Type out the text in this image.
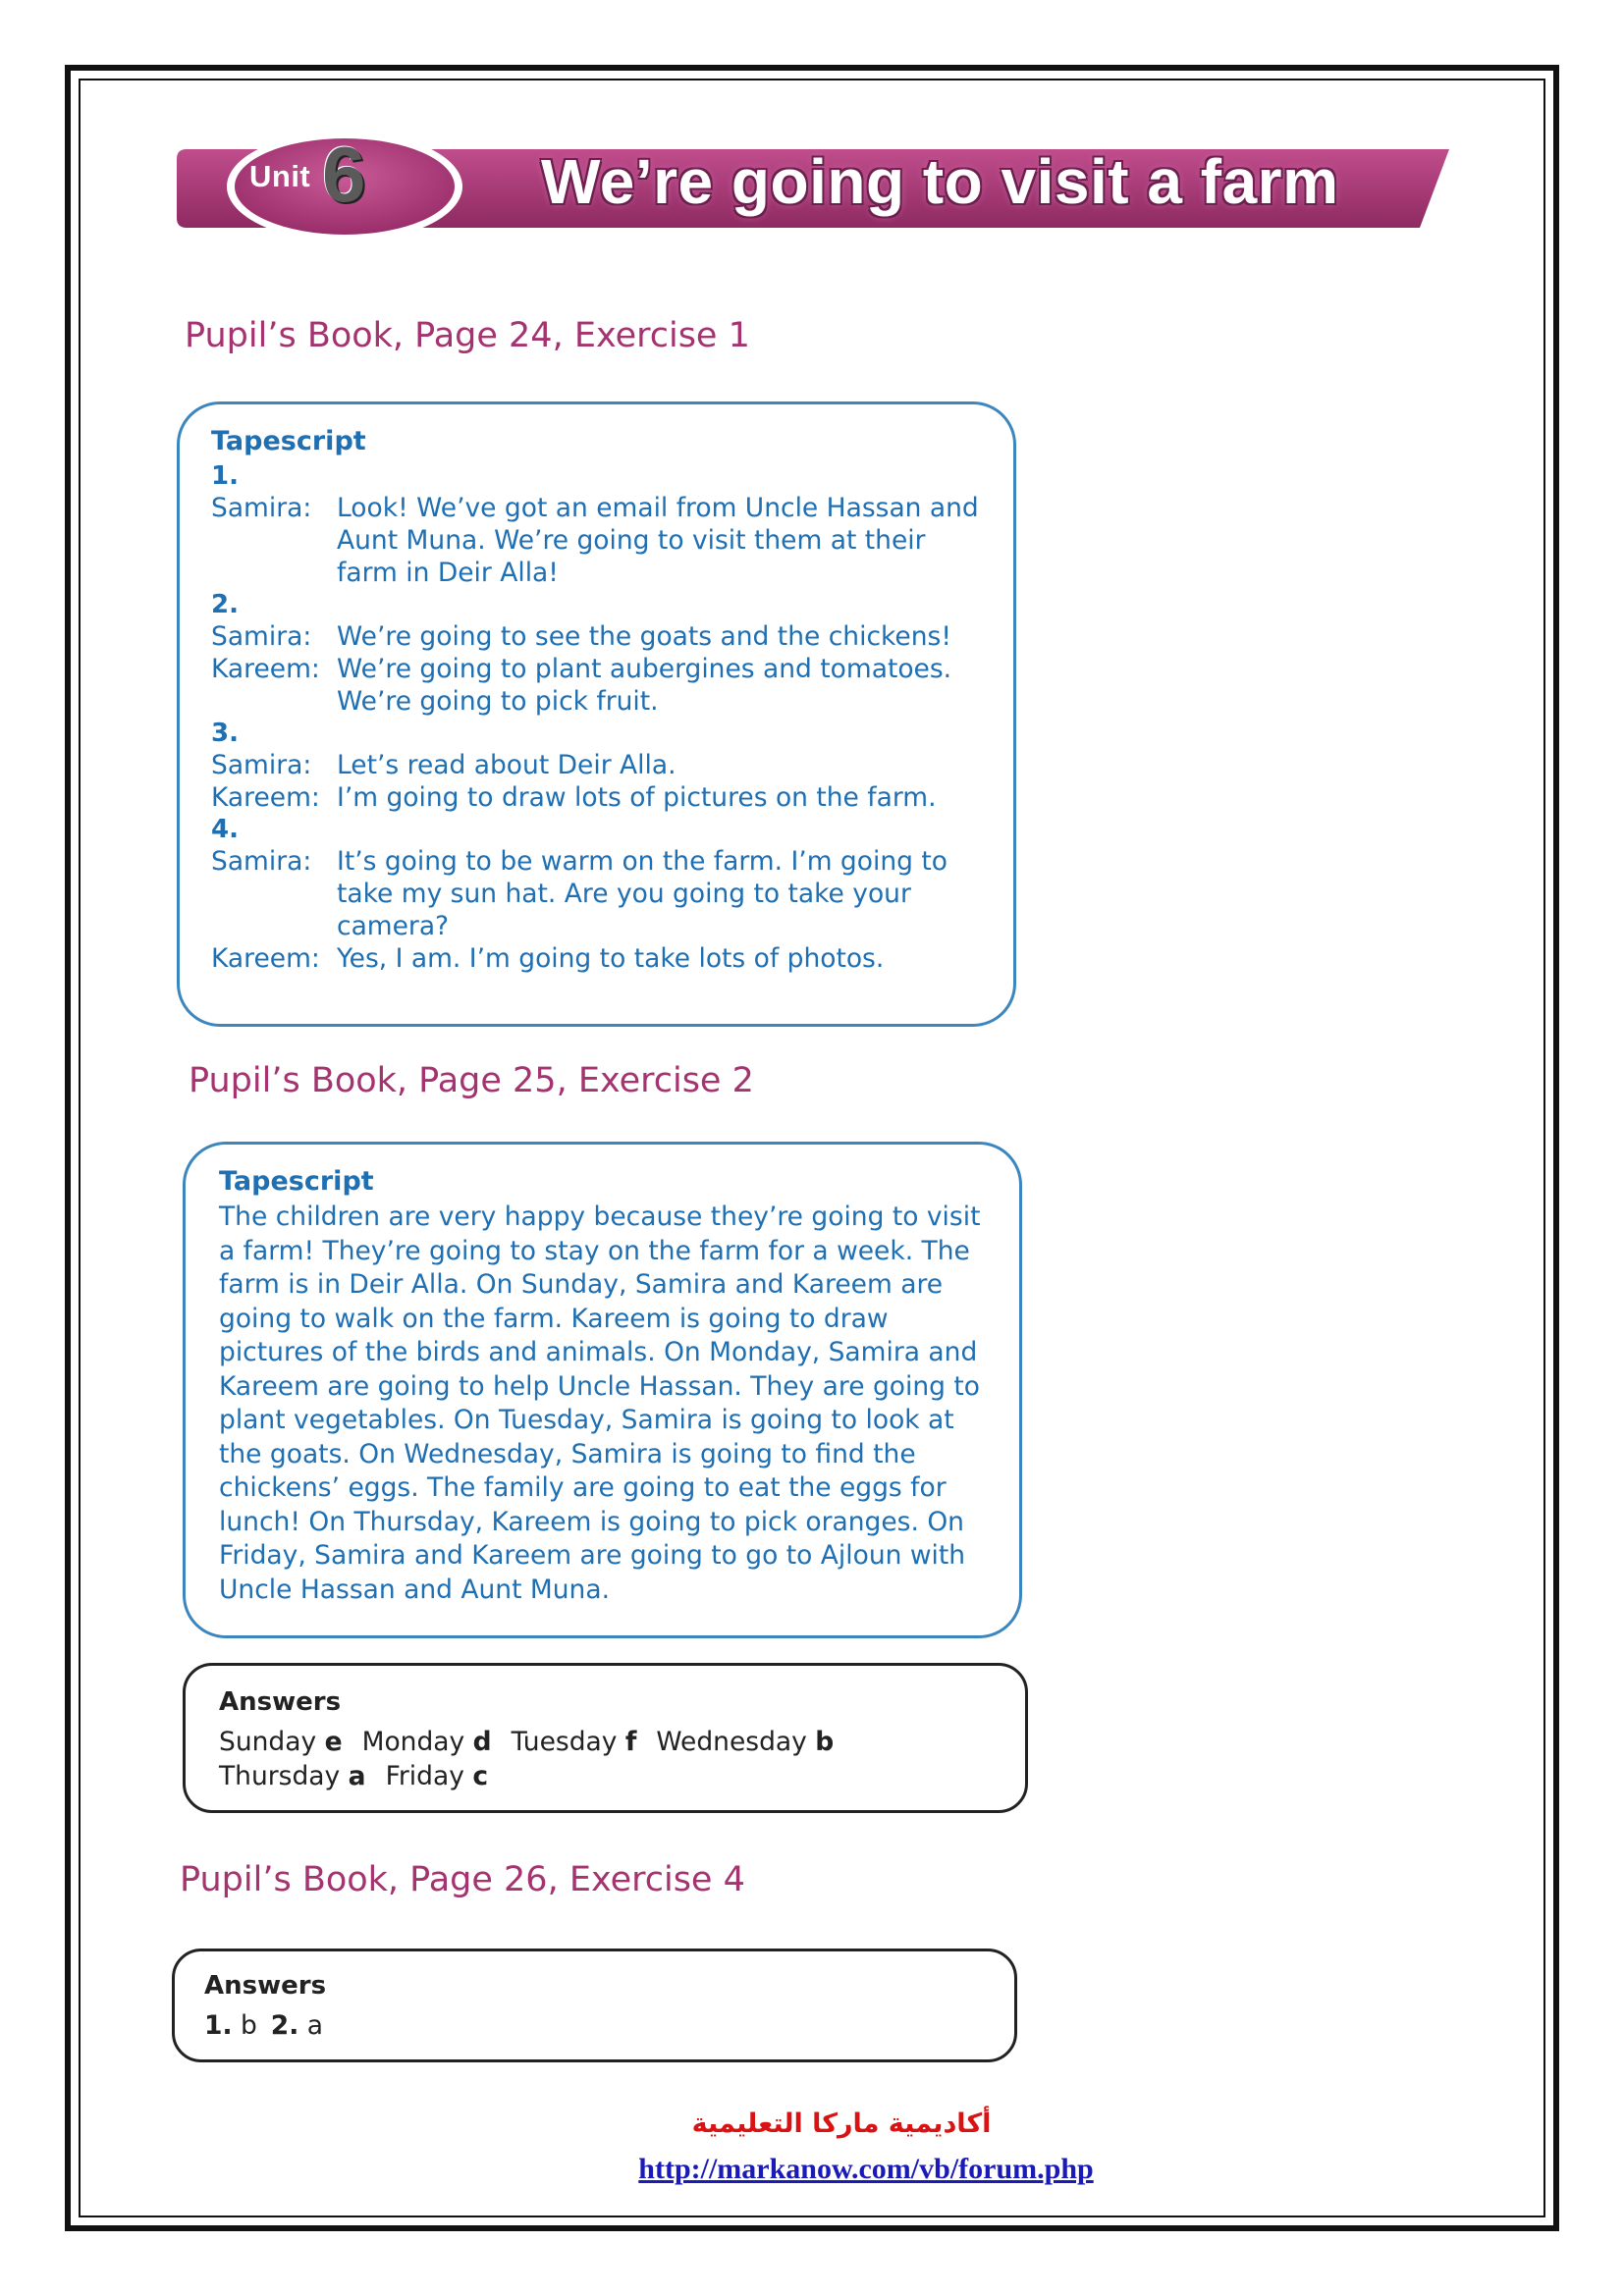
Unit 6	We’re going to visit a farm
Pupil’s Book, Page 24, Exercise 1
Tapescript
1.
Samira: Look! We’ve got an email from Uncle Hassan and Aunt Muna. We’re going to visit them at their farm in Deir Alla!
2.
Samira: We’re going to see the goats and the chickens!
Kareem: We’re going to plant aubergines and tomatoes. We’re going to pick fruit.
3.
Samira: Let’s read about Deir Alla.
Kareem: I’m going to draw lots of pictures on the farm.
4.
Samira: It’s going to be warm on the farm. I’m going to take my sun hat. Are you going to take your camera?
Kareem: Yes, I am. I’m going to take lots of photos.
Pupil’s Book, Page 25, Exercise 2
Tapescript
The children are very happy because they’re going to visit a farm! They’re going to stay on the farm for a week. The farm is in Deir Alla. On Sunday, Samira and Kareem are going to walk on the farm. Kareem is going to draw pictures of the birds and animals. On Monday, Samira and Kareem are going to help Uncle Hassan. They are going to plant vegetables. On Tuesday, Samira is going to look at the goats. On Wednesday, Samira is going to find the chickens’ eggs. The family are going to eat the eggs for lunch! On Thursday, Kareem is going to pick oranges. On Friday, Samira and Kareem are going to go to Ajloun with Uncle Hassan and Aunt Muna.
Answers
Sunday e Monday d Tuesday f Wednesday b
Thursday a Friday c
Pupil’s Book, Page 26, Exercise 4
Answers
1. b 2. a
أكاديمية ماركا التعليمية
http://markanow.com/vb/forum.php
